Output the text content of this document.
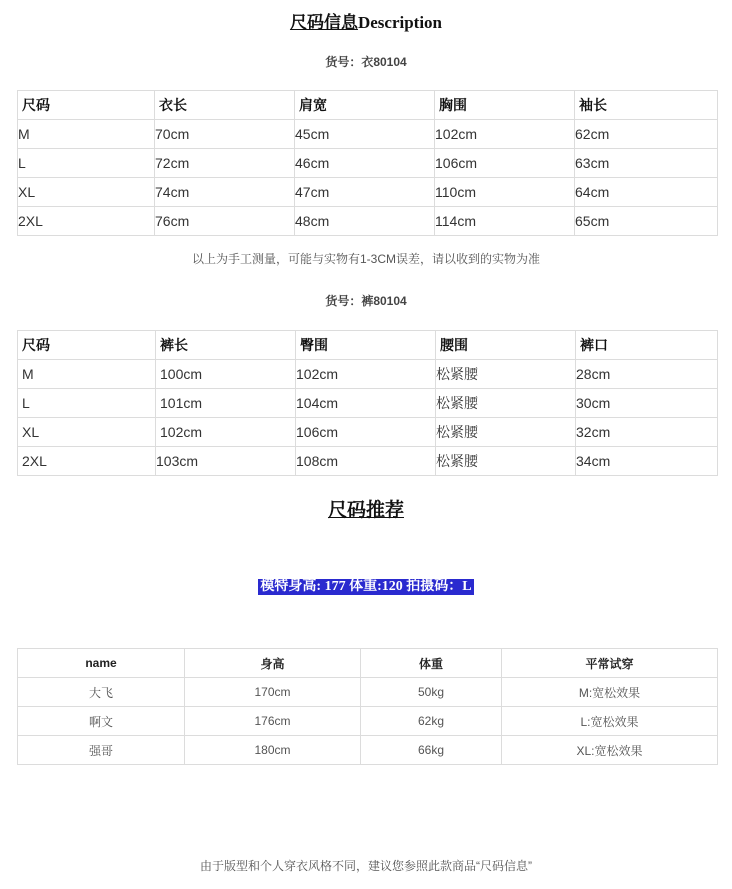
尺码信息Description
货号：衣80104
尺码	衣长	肩宽	胸围	袖长
M	70cm	45cm	102cm	62cm
L	72cm	46cm	106cm	63cm
XL	74cm	47cm	110cm	64cm
2XL	76cm	48cm	114cm	65cm
以上为手工测量，可能与实物有1-3CM误差，请以收到的实物为准
货号：裤80104
尺码	裤长	臀围	腰围	裤口
M	100cm	102cm	松紧腰	28cm
L	101cm	104cm	松紧腰	30cm
XL	102cm	106cm	松紧腰	32cm
2XL	103cm	108cm	松紧腰	34cm
尺码推荐
模特身高: 177 体重:120 拍摄码：L
name	身高	体重	平常试穿
大飞	170cm	50kg	M:宽松效果
啊文	176cm	62kg	L:宽松效果
强哥	180cm	66kg	XL:宽松效果
由于版型和个人穿衣风格不同，建议您参照此款商品“尺码信息”
